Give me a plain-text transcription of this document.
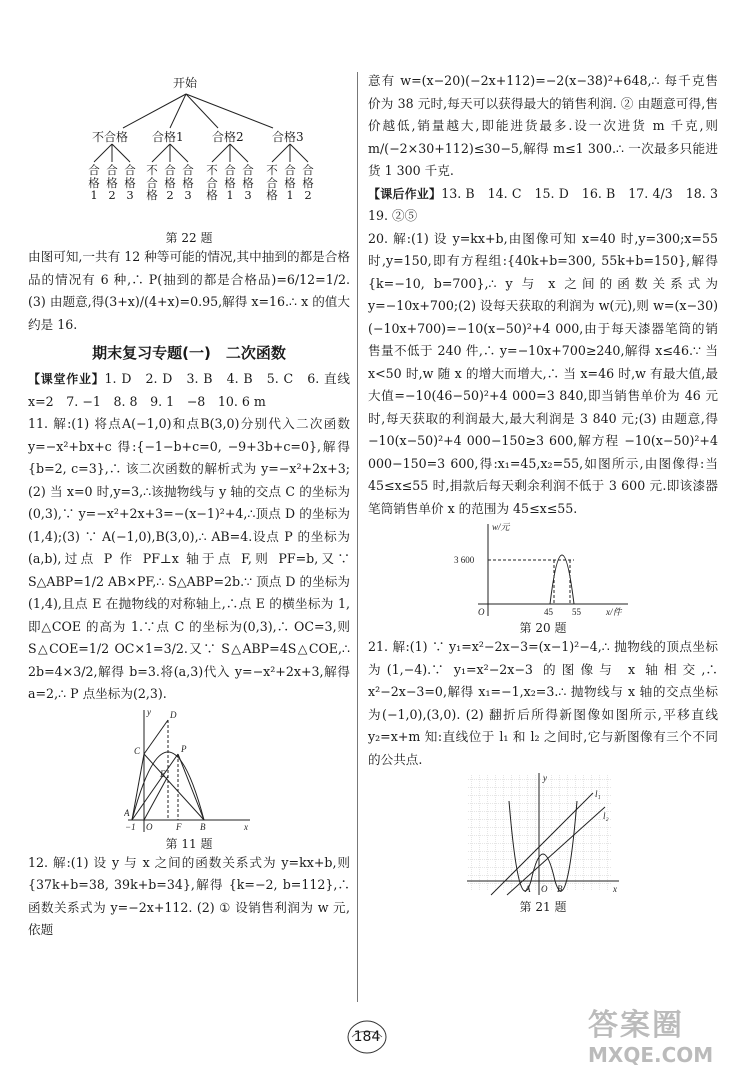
开始
不合格 合格1 合格2 合格3
合格1
合格2
合格3
不合格
合格2
合格3
不合格
合格1
合格3
不合格
合格1
合格2
第 22 题

由图可知,一共有 12 种等可能的情况,其中抽到的都是合格品的情况有 6 种,∴ P(抽到的都是合格品)=6/12=1/2. (3) 由题意,得(3+x)/(4+x)=0.95,解得 x=16.∴ x 的值大约是 16.

期末复习专题(一)　二次函数

【课堂作业】1. D　2. D　3. B　4. B　5. C　6. 直线 x=2　7. −1　8. 8　9. 1　−8　10. 6 m

11. 解:(1) 将点A(−1,0)和点B(3,0)分别代入二次函数 y=−x²+bx+c 得:{−1−b+c=0, −9+3b+c=0},解得 {b=2, c=3},∴ 该二次函数的解析式为 y=−x²+2x+3;(2) 当 x=0 时,y=3,∴该抛物线与 y 轴的交点 C 的坐标为(0,3),∵ y=−x²+2x+3=−(x−1)²+4,∴顶点 D 的坐标为(1,4);(3) ∵ A(−1,0),B(3,0),∴ AB=4.设点 P 的坐标为(a,b),过点 P 作 PF⊥x 轴于点 F,则 PF=b,又∵ S△ABP=1/2 AB×PF,∴ S△ABP=2b.∵ 顶点 D 的坐标为(1,4),且点 E 在抛物线的对称轴上,∴点 E 的横坐标为 1,即△COE 的高为 1.∵点 C 的坐标为(0,3),∴ OC=3,则 S△COE=1/2 OC×1=3/2.又∵ S△ABP=4S△COE,∴ 2b=4×3/2,解得 b=3.将(a,3)代入 y=−x²+2x+3,解得 a=2,∴ P 点坐标为(2,3).

y D
C	P
E
A
−1 O	F B	x
第 11 题

12. 解:(1) 设 y 与 x 之间的函数关系式为 y=kx+b,则 {37k+b=38, 39k+b=34},解得 {k=−2, b=112},∴ 函数关系式为 y=−2x+112. (2) ① 设销售利润为 w 元,依题

意有 w=(x−20)(−2x+112)=−2(x−38)²+648,∴ 每千克售价为 38 元时,每天可以获得最大的销售利润. ② 由题意可得,售价越低,销量越大,即能进货最多.设一次进货 m 千克,则 m/(−2×30+112)≤30−5,解得 m≤1 300.∴ 一次最多只能进货 1 300 千克.

【课后作业】13. B　14. C　15. D　16. B　17. 4/3　18. 3　19. ②⑤

20. 解:(1) 设 y=kx+b,由图像可知 x=40 时,y=300;x=55 时,y=150,即有方程组:{40k+b=300, 55k+b=150},解得 {k=−10, b=700},∴ y 与 x 之间的函数关系式为 y=−10x+700;(2) 设每天获取的利润为 w(元),则 w=(x−30)(−10x+700)=−10(x−50)²+4 000,由于每天漆器笔筒的销售量不低于 240 件,∴ y=−10x+700≥240,解得 x≤46.∵ 当 x<50 时,w 随 x 的增大而增大,∴ 当 x=46 时,w 有最大值,最大值=−10(46−50)²+4 000=3 840,即当销售单价为 46 元时,每天获取的利润最大,最大利润是 3 840 元;(3) 由题意,得 −10(x−50)²+4 000−150≥3 600,解方程 −10(x−50)²+4 000−150=3 600,得:x₁=45,x₂=55,如图所示,由图像得:当 45≤x≤55 时,捐款后每天剩余利润不低于 3 600 元.即该漆器笔筒销售单价 x 的范围为 45≤x≤55.

w/元
3 600
O	45 55	x/件
第 20 题

21. 解:(1) ∵ y₁=x²−2x−3=(x−1)²−4,∴ 抛物线的顶点坐标为(1,−4).∵ y₁=x²−2x−3 的图像与 x 轴相交,∴ x²−2x−3=0,解得 x₁=−1,x₂=3.∴ 抛物线与 x 轴的交点坐标为(−1,0),(3,0). (2) 翻折后所得新图像如图所示,平移直线 y₂=x+m 知:直线位于 l₁ 和 l₂ 之间时,它与新图像有三个不同的公共点.

y
l₁
l₂
A O B	x
第 21 题
184	答案圈
MXQE.COM
